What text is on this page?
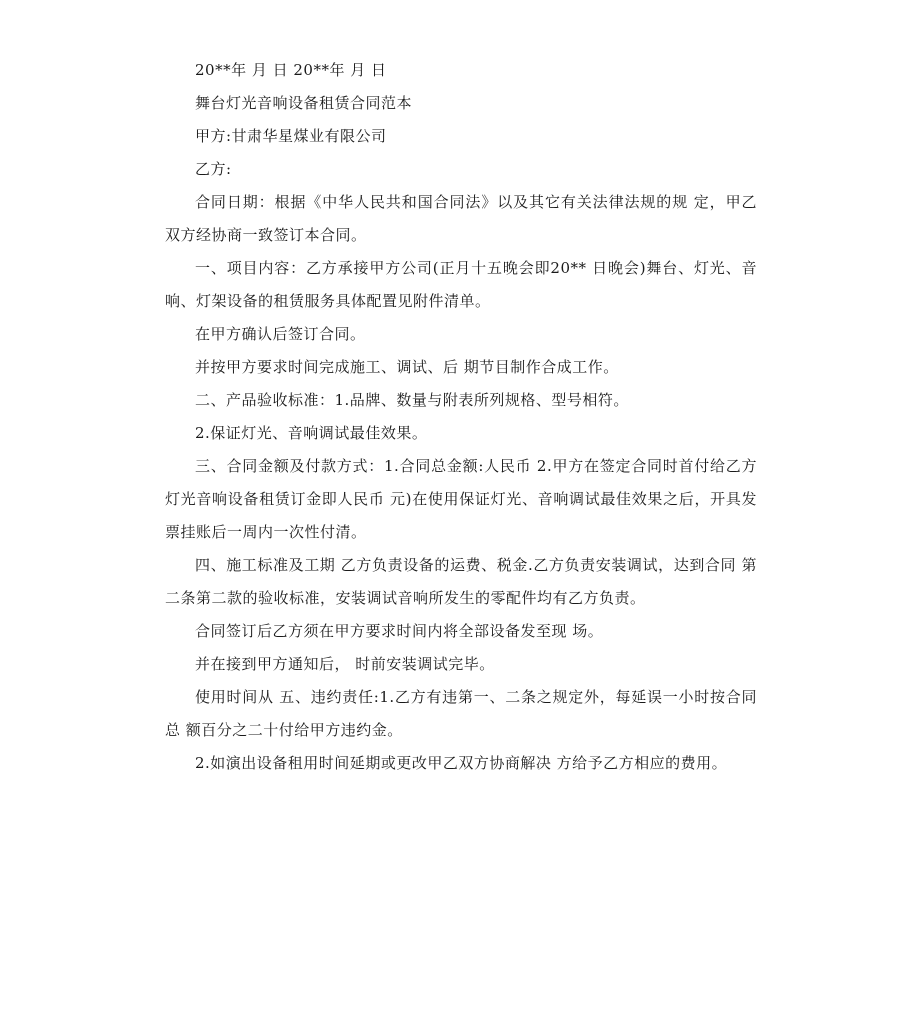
20**年 月 日 20**年 月 日

舞台灯光音响设备租赁合同范本

甲方:甘肃华星煤业有限公司

乙方:

合同日期：根据《中华人民共和国合同法》以及其它有关法律法规的规 定，甲乙双方经协商一致签订本合同。

一、项目内容：乙方承接甲方公司(正月十五晚会即20** 日晚会)舞台、灯光、音响、灯架设备的租赁服务具体配置见附件清单。

在甲方确认后签订合同。

并按甲方要求时间完成施工、调试、后 期节目制作合成工作。

二、产品验收标准：1.品牌、数量与附表所列规格、型号相符。

2.保证灯光、音响调试最佳效果。

三、合同金额及付款方式：1.合同总金额:人民币 2.甲方在签定合同时首付给乙方灯光音响设备租赁订金即人民币 元)在使用保证灯光、音响调试最佳效果之后，开具发票挂账后一周内一次性付清。

四、施工标准及工期 乙方负责设备的运费、税金.乙方负责安装调试，达到合同 第二条第二款的验收标准，安装调试音响所发生的零配件均有乙方负责。

合同签订后乙方须在甲方要求时间内将全部设备发至现 场。

并在接到甲方通知后， 时前安装调试完毕。

使用时间从 五、违约责任:1.乙方有违第一、二条之规定外，每延误一小时按合同总 额百分之二十付给甲方违约金。

2.如演出设备租用时间延期或更改甲乙双方协商解决 方给予乙方相应的费用。
